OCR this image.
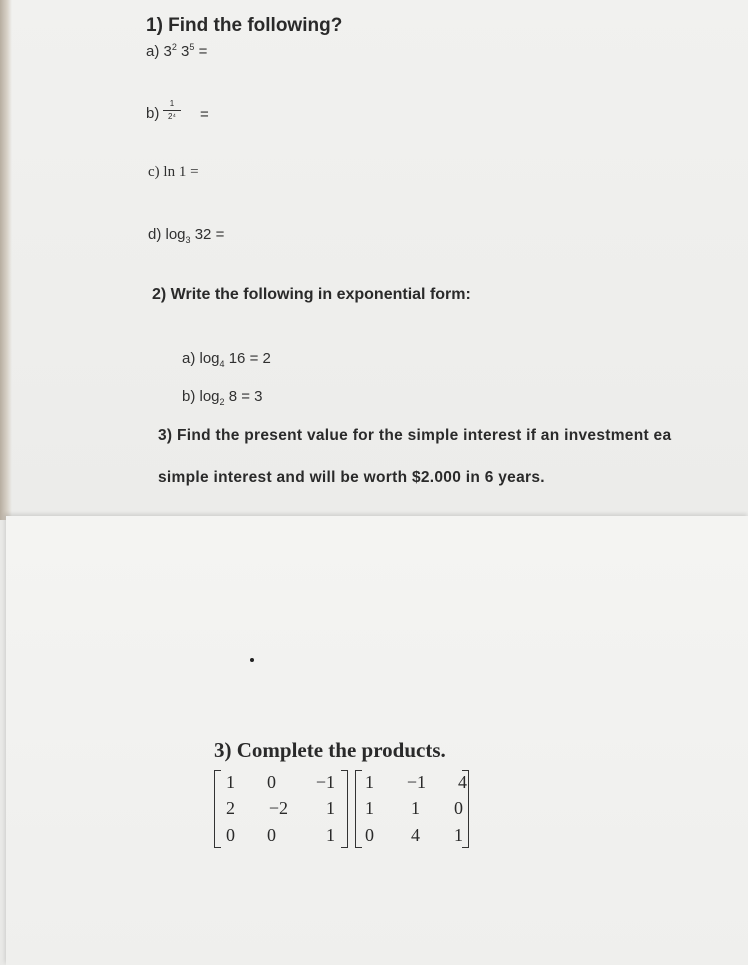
1) Find the following?
a) $3^2$ $3^5$ =
b)
1
2⁴	=
c) ln 1 =
d) $\log_3 32$ =
2) Write the following in exponential form:
a) $\log_4 16 = 2$
b) $\log_2 8 = 3$
3) Find the present value for the simple interest if an investment ea
simple interest and will be worth $2.000 in 6 years.
3) Complete the products.
1	0	−1
2	−2	1
0	0	1
1	−1	4
1	1	0
0	4	1
